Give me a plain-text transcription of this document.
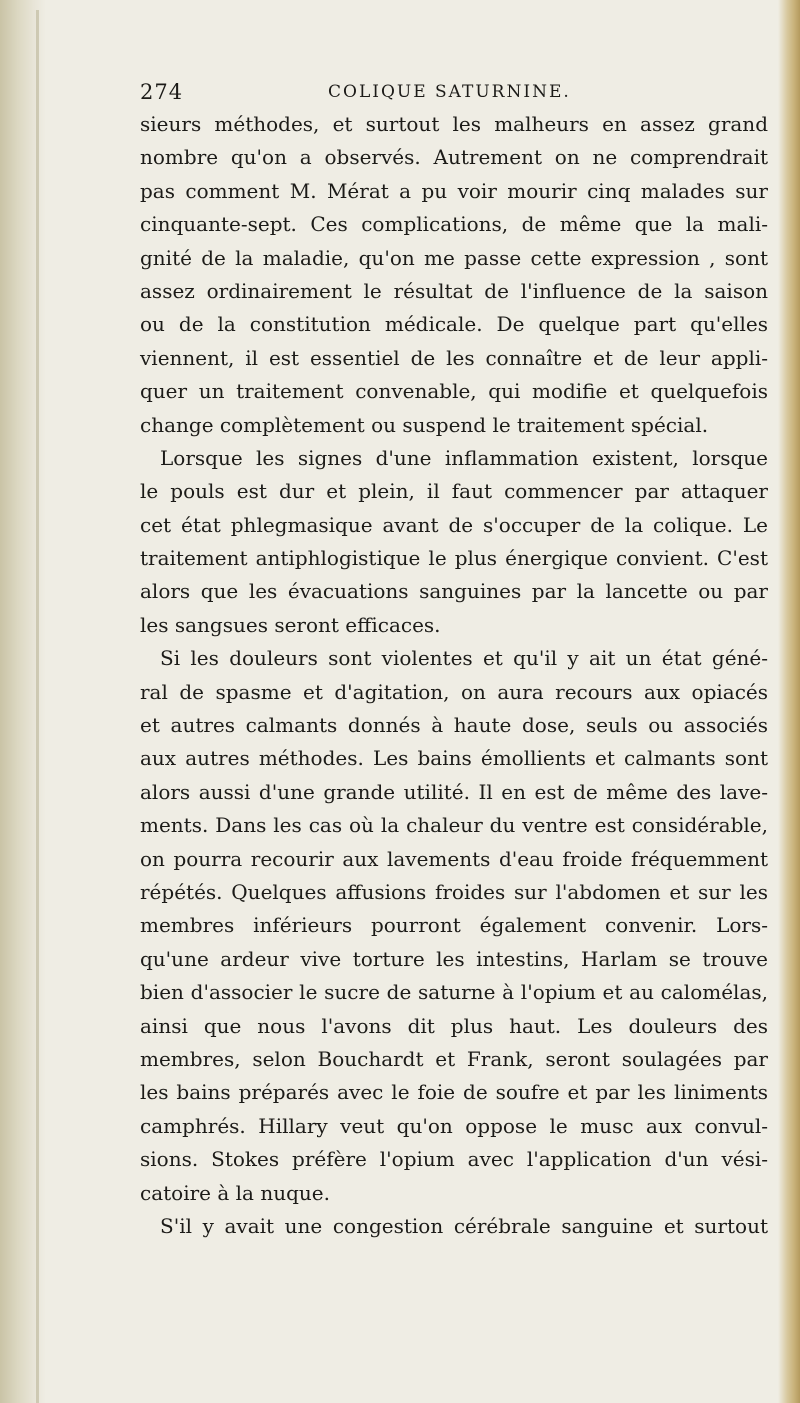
274	COLIQUE SATURNINE.
sieurs méthodes, et surtout les malheurs en assez grand
nombre qu'on a observés. Autrement on ne comprendrait
pas comment M. Mérat a pu voir mourir cinq malades sur
cinquante-sept. Ces complications, de même que la mali-
gnité de la maladie, qu'on me passe cette expression , sont
assez ordinairement le résultat de l'influence de la saison
ou de la constitution médicale. De quelque part qu'elles
viennent, il est essentiel de les connaître et de leur appli-
quer un traitement convenable, qui modifie et quelquefois
change complètement ou suspend le traitement spécial.
Lorsque les signes d'une inflammation existent, lorsque
le pouls est dur et plein, il faut commencer par attaquer
cet état phlegmasique avant de s'occuper de la colique. Le
traitement antiphlogistique le plus énergique convient. C'est
alors que les évacuations sanguines par la lancette ou par
les sangsues seront efficaces.
Si les douleurs sont violentes et qu'il y ait un état géné-
ral de spasme et d'agitation, on aura recours aux opiacés
et autres calmants donnés à haute dose, seuls ou associés
aux autres méthodes. Les bains émollients et calmants sont
alors aussi d'une grande utilité. Il en est de même des lave-
ments. Dans les cas où la chaleur du ventre est considérable,
on pourra recourir aux lavements d'eau froide fréquemment
répétés. Quelques affusions froides sur l'abdomen et sur les
membres inférieurs pourront également convenir. Lors-
qu'une ardeur vive torture les intestins, Harlam se trouve
bien d'associer le sucre de saturne à l'opium et au calomélas,
ainsi que nous l'avons dit plus haut. Les douleurs des
membres, selon Bouchardt et Frank, seront soulagées par
les bains préparés avec le foie de soufre et par les liniments
camphrés. Hillary veut qu'on oppose le musc aux convul-
sions. Stokes préfère l'opium avec l'application d'un vési-
catoire à la nuque.
S'il y avait une congestion cérébrale sanguine et surtout
